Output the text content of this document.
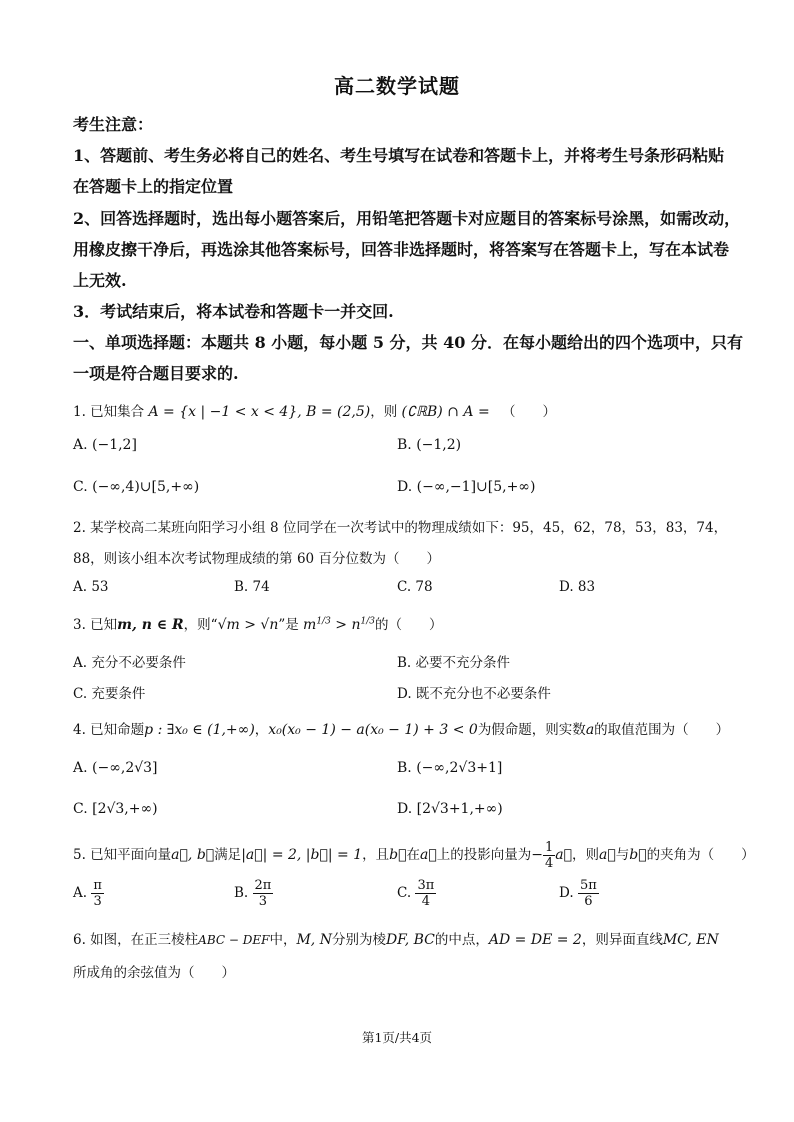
高二数学试题
考生注意：
1、答题前、考生务必将自己的姓名、考生号填写在试卷和答题卡上，并将考生号条形码粘贴
在答题卡上的指定位置
2、回答选择题时，选出每小题答案后，用铅笔把答题卡对应题目的答案标号涂黑，如需改动，
用橡皮擦干净后，再选涂其他答案标号，回答非选择题时，将答案写在答题卡上，写在本试卷
上无效.
3．考试结束后，将本试卷和答题卡一并交回.
一、单项选择题：本题共 8 小题，每小题 5 分，共 40 分．在每小题给出的四个选项中，只有
一项是符合题目要求的.
1. 已知集合 A = {x | −1 < x < 4}, B = (2,5)，则 (∁ℝB) ∩ A = （　　）
A. (−1,2]	B. (−1,2)
C. (−∞,4)∪[5,+∞)	D. (−∞,−1]∪[5,+∞)
2. 某学校高二某班向阳学习小组 8 位同学在一次考试中的物理成绩如下：95，45，62，78，53，83，74，
88，则该小组本次考试物理成绩的第 60 百分位数为（　　）
A. 53	B. 74	C. 78	D. 83
3. 已知m, n ∈ R，则“√m > √n”是 $m^{1/3} > n^{1/3}$的（　　）
A. 充分不必要条件	B. 必要不充分条件
C. 充要条件	D. 既不充分也不必要条件
4. 已知命题p : ∃x₀ ∈ (1,+∞)，x₀(x₀ − 1) − a(x₀ − 1) + 3 < 0为假命题，则实数a的取值范围为（　　）
A. (−∞,2√3]	B. (−∞,2√3+1]
C. [2√3,+∞)	D. [2√3+1,+∞)
5. 已知平面向量a⃗, b⃗满足|a⃗| = 2, |b⃗| = 1，且b⃗在a⃗上的投影向量为− $\frac{1}{4}$ a⃗，则a⃗与b⃗的夹角为（　　）
A. $\frac{\pi}{3}$	B. $\frac{2\pi}{3}$	C. $\frac{3\pi}{4}$	D. $\frac{5\pi}{6}$
6. 如图，在正三棱柱ABC − DEF中，M, N分别为棱DF, BC的中点，AD = DE = 2，则异面直线MC, EN
所成角的余弦值为（　　）
第1页/共4页
